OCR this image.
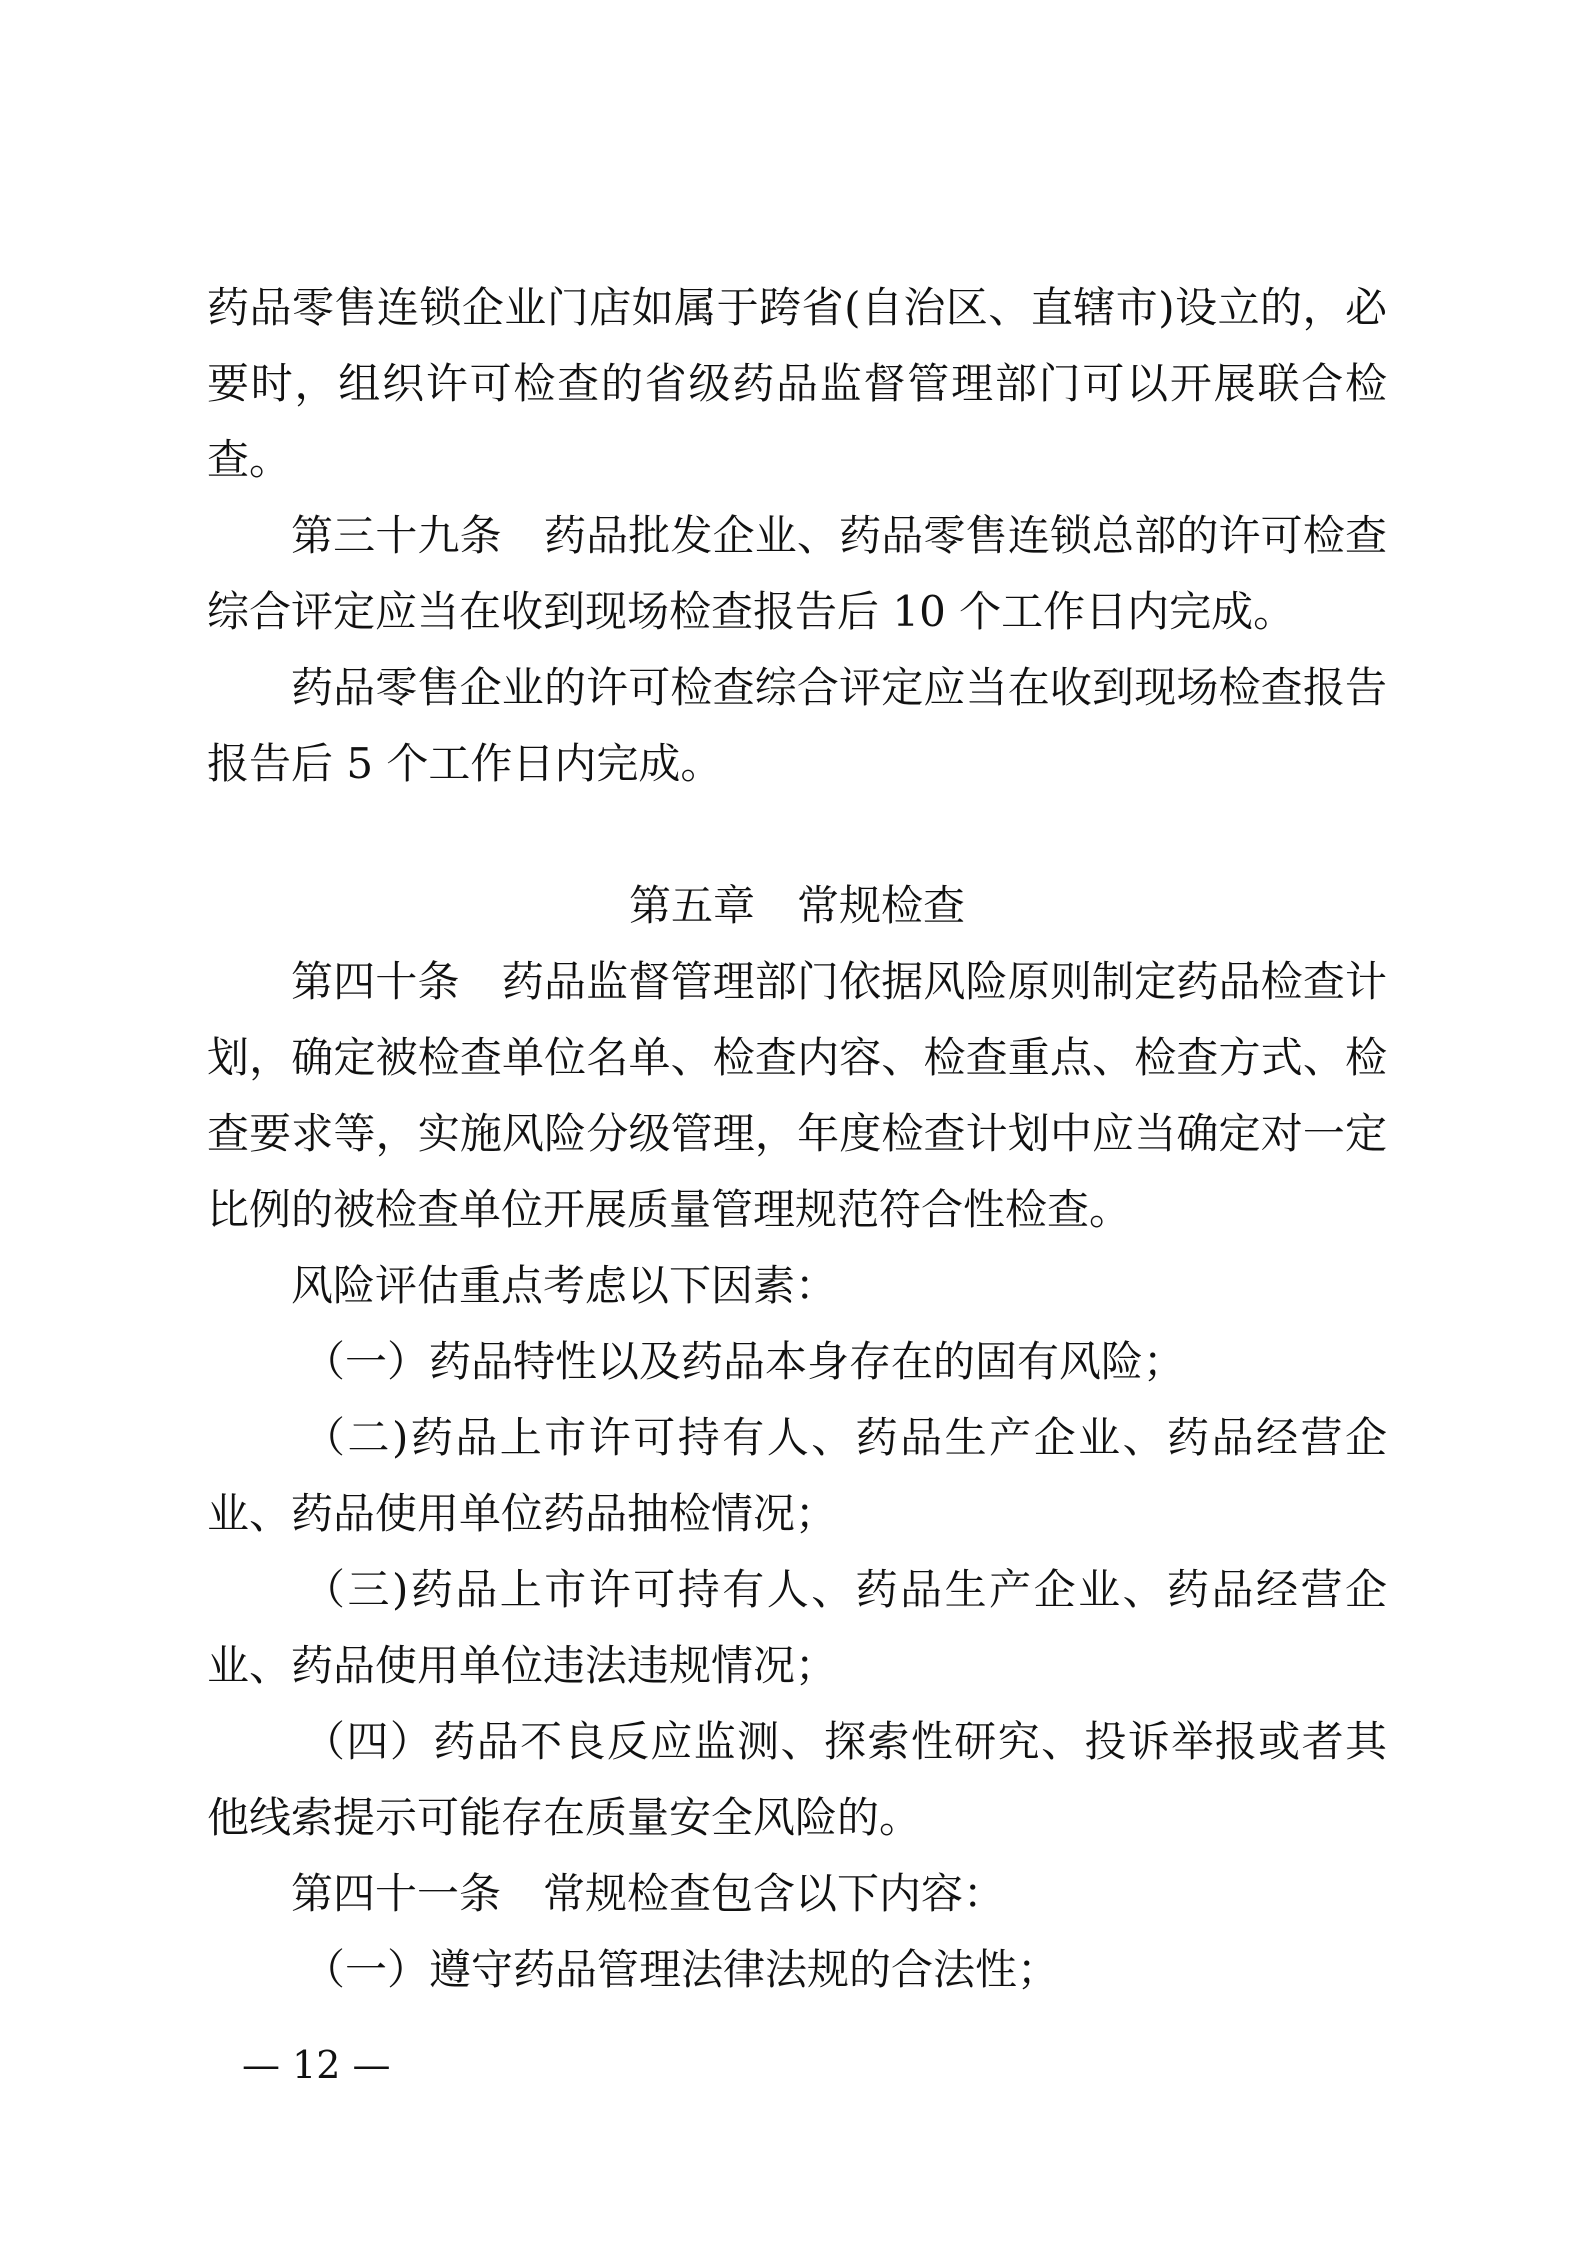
药品零售连锁企业门店如属于跨省(自治区、直辖市)设立的，必要时，组织许可检查的省级药品监督管理部门可以开展联合检查。

第三十九条　药品批发企业、药品零售连锁总部的许可检查综合评定应当在收到现场检查报告后 10 个工作日内完成。

药品零售企业的许可检查综合评定应当在收到现场检查报告报告后 5 个工作日内完成。

第五章　常规检查

第四十条　药品监督管理部门依据风险原则制定药品检查计划，确定被检查单位名单、检查内容、检查重点、检查方式、检查要求等，实施风险分级管理，年度检查计划中应当确定对一定比例的被检查单位开展质量管理规范符合性检查。

风险评估重点考虑以下因素：

（一）药品特性以及药品本身存在的固有风险；

（二)药品上市许可持有人、药品生产企业、药品经营企业、药品使用单位药品抽检情况；

（三)药品上市许可持有人、药品生产企业、药品经营企业、药品使用单位违法违规情况；

（四）药品不良反应监测、探索性研究、投诉举报或者其他线索提示可能存在质量安全风险的。

第四十一条　常规检查包含以下内容：

（一）遵守药品管理法律法规的合法性；

— 12 —
